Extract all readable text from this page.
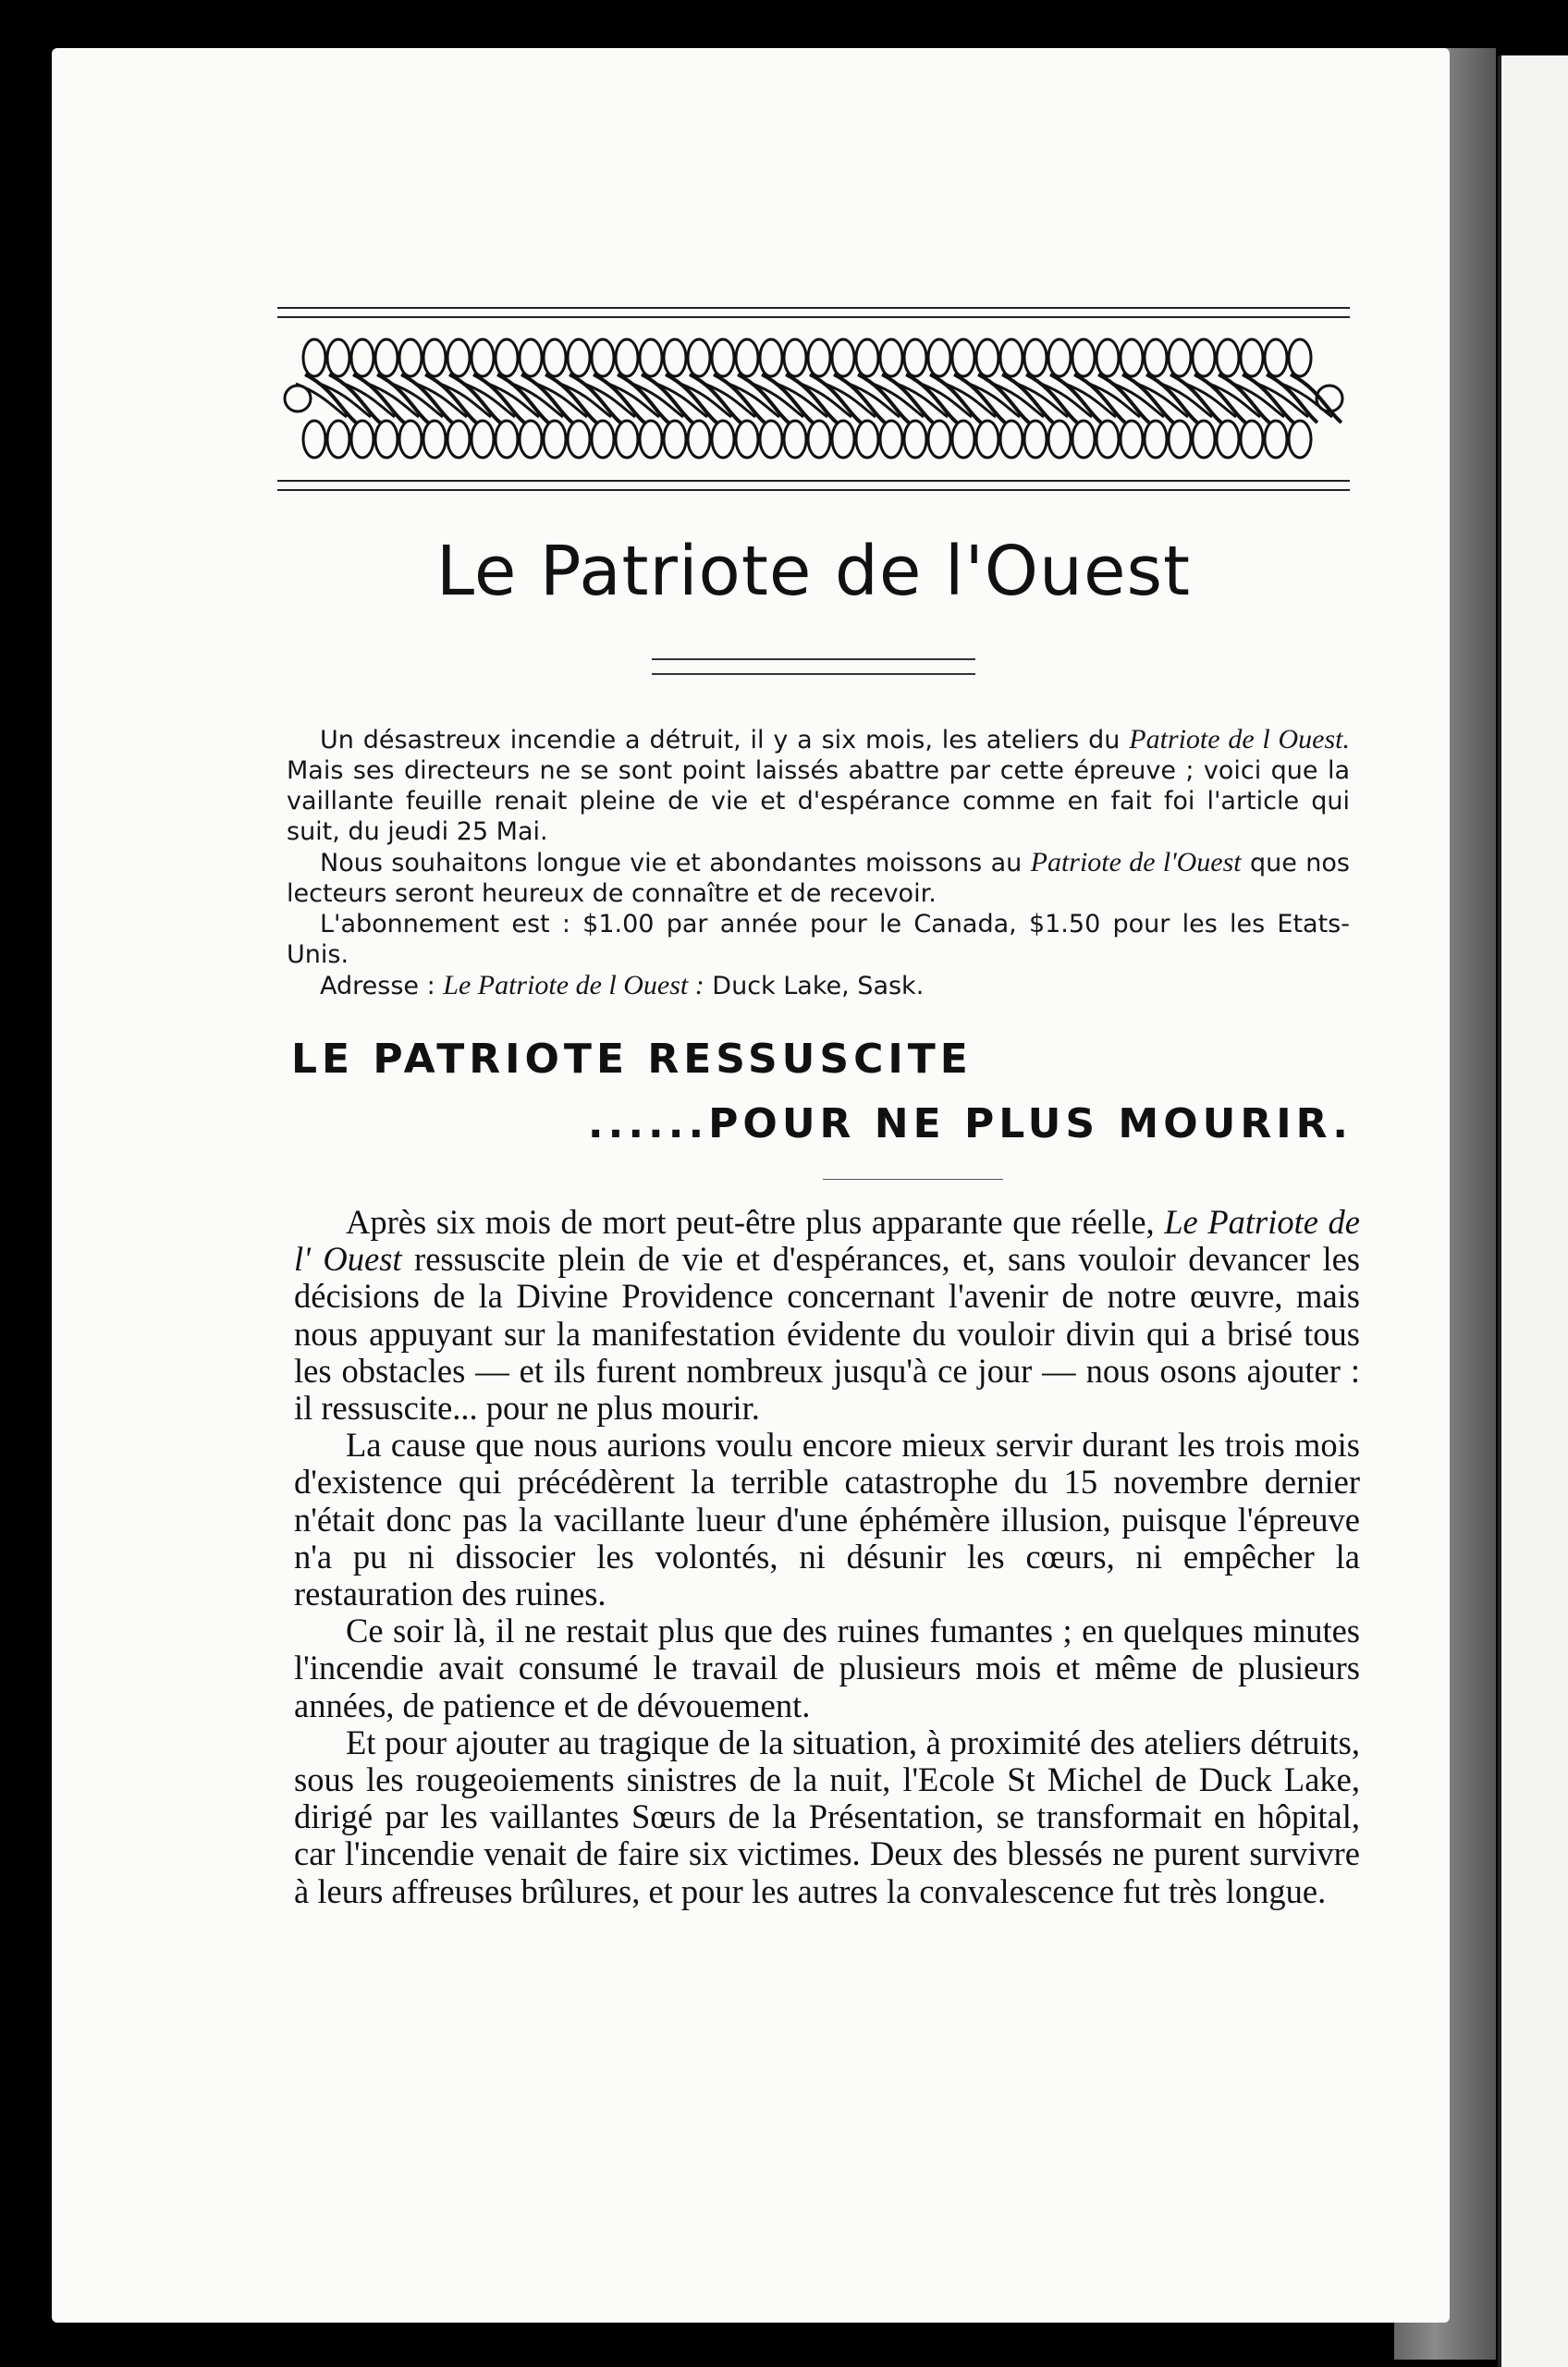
Le Patriote de l'Ouest

Un désastreux incendie a détruit, il y a six mois, les ateliers du Patriote de l Ouest. Mais ses directeurs ne se sont point laissés abattre par cette épreuve ; voici que la vaillante feuille renait pleine de vie et d'espérance comme en fait foi l'article qui suit, du jeudi 25 Mai.

Nous souhaitons longue vie et abondantes moissons au Patriote de l'Ouest que nos lecteurs seront heureux de connaître et de recevoir.

L'abonnement est : $1.00 par année pour le Canada, $1.50 pour les les Etats-Unis.

Adresse : Le Patriote de l Ouest : Duck Lake, Sask.

LE PATRIOTE RESSUSCITE
......POUR NE PLUS MOURIR.

Après six mois de mort peut-être plus apparante que réelle, Le Patriote de l' Ouest ressuscite plein de vie et d'espérances, et, sans vouloir devancer les décisions de la Divine Providence concernant l'avenir de notre œuvre, mais nous appuyant sur la manifestation évidente du vouloir divin qui a brisé tous les obstacles — et ils furent nombreux jusqu'à ce jour — nous osons ajouter : il ressuscite... pour ne plus mourir.

La cause que nous aurions voulu encore mieux servir durant les trois mois d'existence qui précédèrent la terrible catastrophe du 15 novembre dernier n'était donc pas la vacillante lueur d'une éphémère illusion, puisque l'épreuve n'a pu ni dissocier les volontés, ni désunir les cœurs, ni empêcher la restauration des ruines.

Ce soir là, il ne restait plus que des ruines fumantes ; en quelques minutes l'incendie avait consumé le travail de plusieurs mois et même de plusieurs années, de patience et de dévouement.

Et pour ajouter au tragique de la situation, à proximité des ateliers détruits, sous les rougeoiements sinistres de la nuit, l'Ecole St Michel de Duck Lake, dirigé par les vaillantes Sœurs de la Présentation, se transformait en hôpital, car l'incendie venait de faire six victimes. Deux des blessés ne purent survivre à leurs affreuses brûlures, et pour les autres la convalescence fut très longue.
